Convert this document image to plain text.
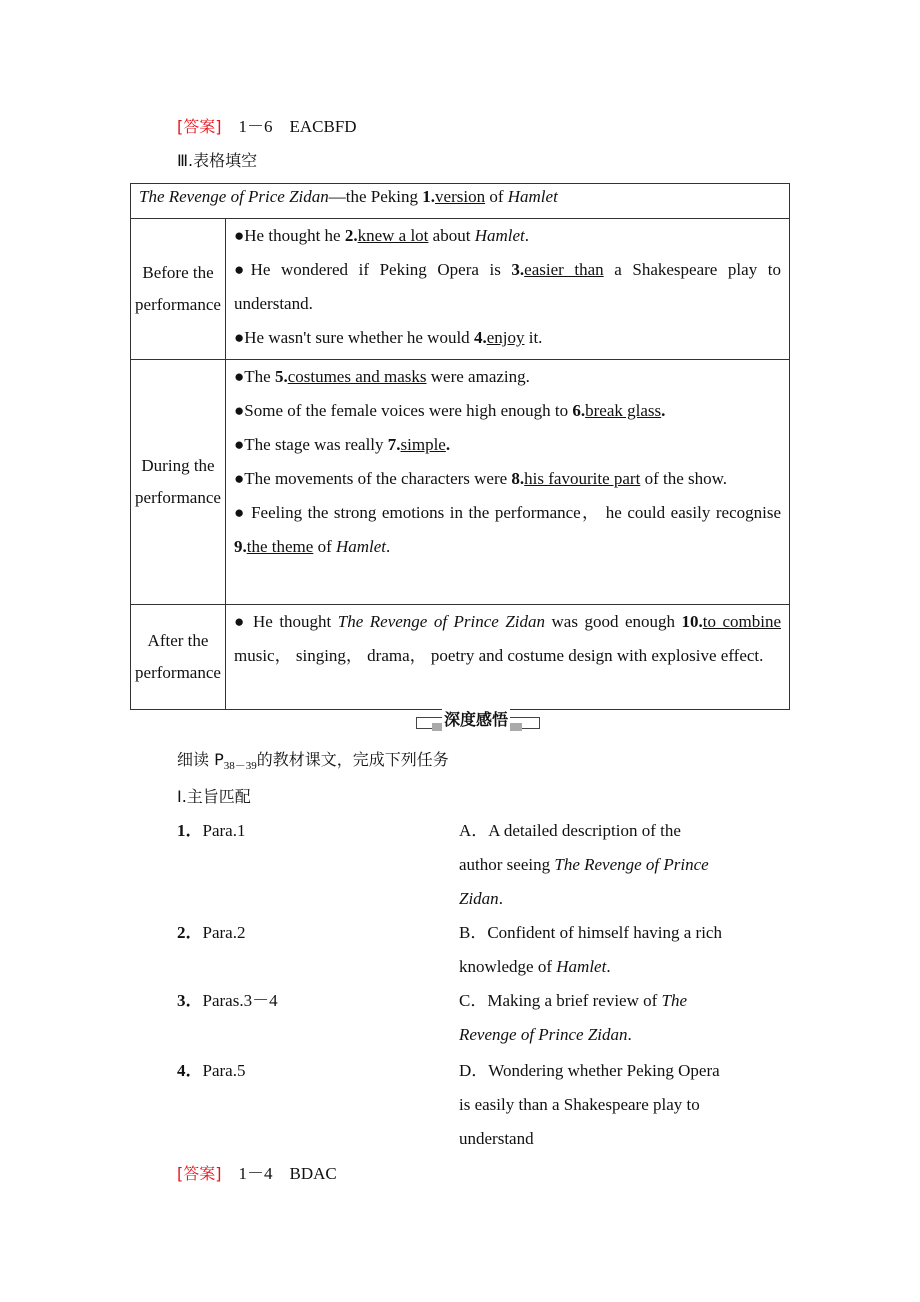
[答案] 1－6 EACBFD
Ⅲ.表格填空
The Revenge of Price Zidan—the Peking 1.version of Hamlet	
Before the performance	●He thought he 2.knew a lot about Hamlet.
●He wondered if Peking Opera is 3.easier than a Shakespeare play to understand.
●He wasn't sure whether he would 4.enjoy it.

During the performance	●The 5.costumes and masks were amazing.
●Some of the female voices were high enough to 6.break glass.
●The stage was really 7.simple.
●The movements of the characters were 8.his favourite part of the show.
● Feeling the strong emotions in the performance， he could easily recognise 9.the theme of Hamlet.

After the performance	● He thought The Revenge of Prince Zidan was good enough 10.to combine music， singing， drama， poetry and costume design with explosive effect.
深度感悟
细读 $P_{38-39}$的教材课文，完成下列任务
Ⅰ.主旨匹配
1．Para.1	A．A detailed description of the
author seeing The Revenge of Prince
Zidan.
2．Para.2	B．Confident of himself having a rich
knowledge of Hamlet.
3．Paras.3－4	C．Making a brief review of The
Revenge of Prince Zidan.
4．Para.5	D．Wondering whether Peking Opera
is easily than a Shakespeare play to
understand
[答案] 1－4 BDAC
